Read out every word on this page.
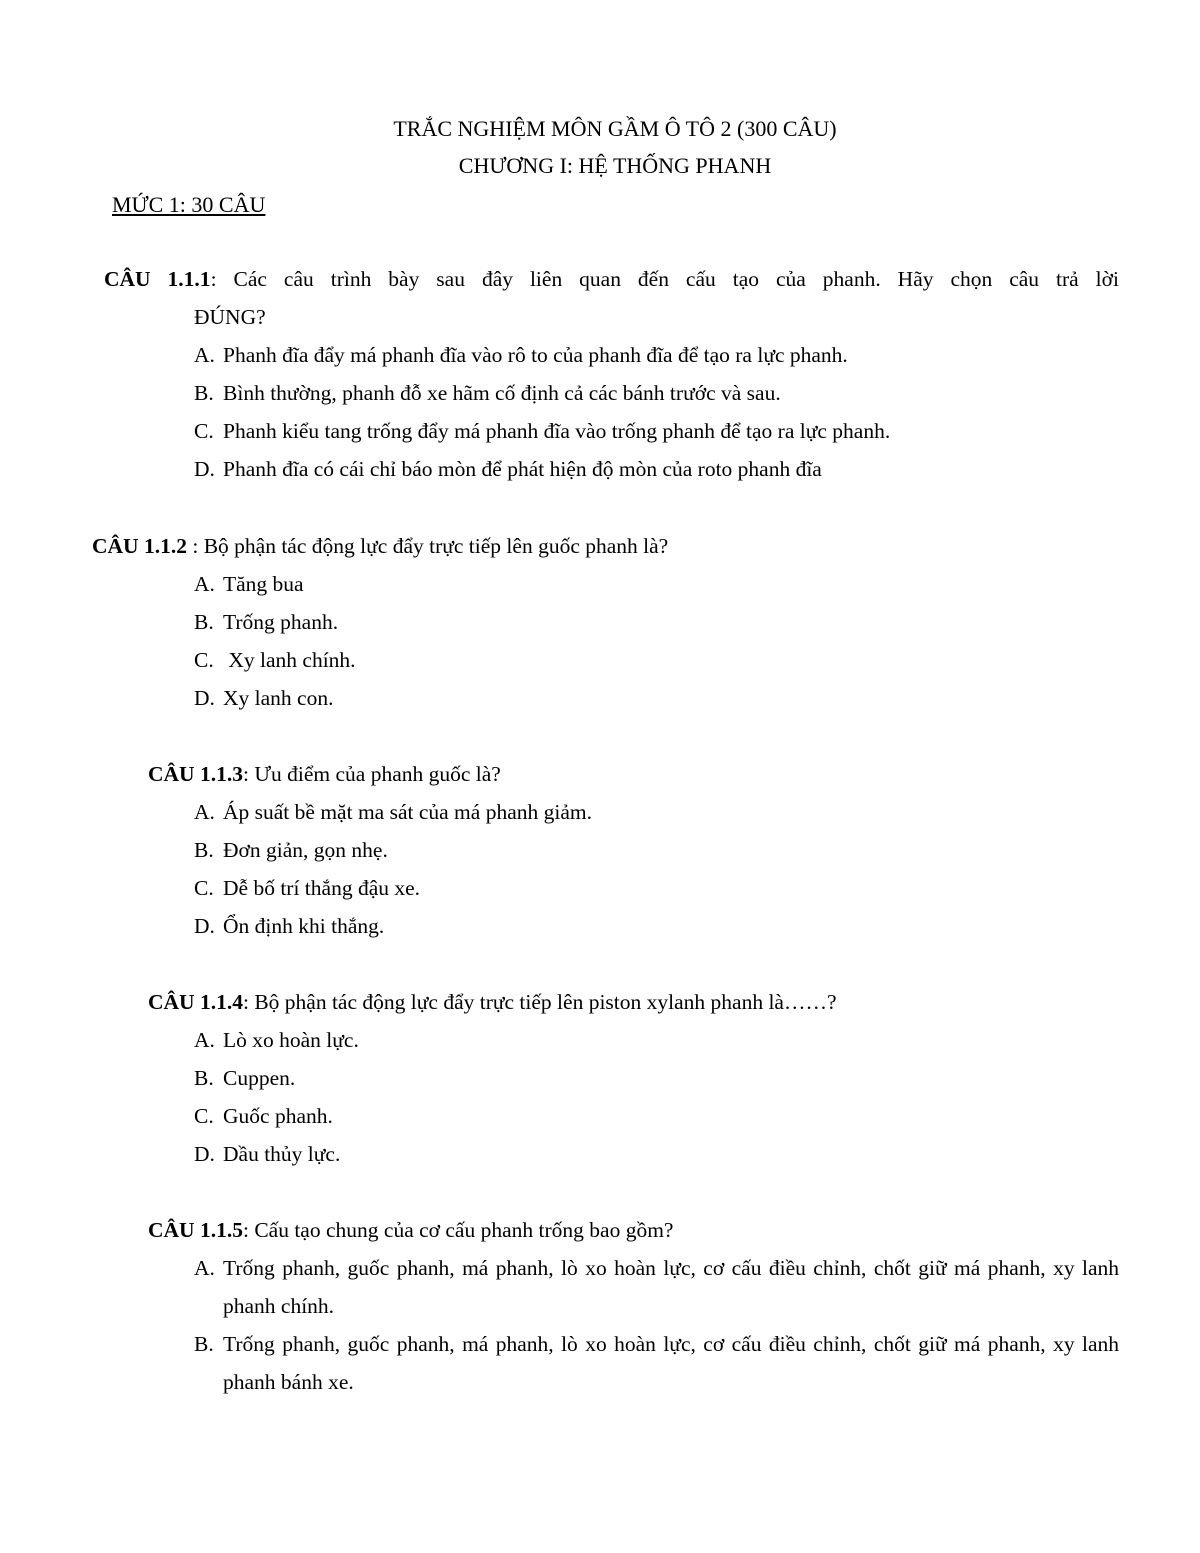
TRẮC NGHIỆM MÔN GẦM Ô TÔ 2 (300 CÂU)
CHƯƠNG I: HỆ THỐNG PHANH
MỨC 1: 30 CÂU
CÂU 1.1.1: Các câu trình bày sau đây liên quan đến cấu tạo của phanh. Hãy chọn câu trả lời
ĐÚNG?
A. Phanh đĩa đẩy má phanh đĩa vào rô to của phanh đĩa để tạo ra lực phanh.
B. Bình thường, phanh đỗ xe hãm cố định cả các bánh trước và sau.
C. Phanh kiểu tang trống đẩy má phanh đĩa vào trống phanh để tạo ra lực phanh.
D. Phanh đĩa có cái chỉ báo mòn để phát hiện độ mòn của roto phanh đĩa
CÂU 1.1.2 : Bộ phận tác động lực đẩy trực tiếp lên guốc phanh là?
A. Tăng bua
B. Trống phanh.
C. Xy lanh chính.
D. Xy lanh con.
CÂU 1.1.3: Ưu điểm của phanh guốc là?
A. Áp suất bề mặt ma sát của má phanh giảm.
B. Đơn giản, gọn nhẹ.
C. Dễ bố trí thắng đậu xe.
D. Ổn định khi thắng.
CÂU 1.1.4: Bộ phận tác động lực đẩy trực tiếp lên piston xylanh phanh là……?
A. Lò xo hoàn lực.
B. Cuppen.
C. Guốc phanh.
D. Dầu thủy lực.
CÂU 1.1.5: Cấu tạo chung của cơ cấu phanh trống bao gồm?
A. Trống phanh, guốc phanh, má phanh, lò xo hoàn lực, cơ cấu điều chỉnh, chốt giữ má phanh, xy lanh phanh chính.
B. Trống phanh, guốc phanh, má phanh, lò xo hoàn lực, cơ cấu điều chỉnh, chốt giữ má phanh, xy lanh phanh bánh xe.
